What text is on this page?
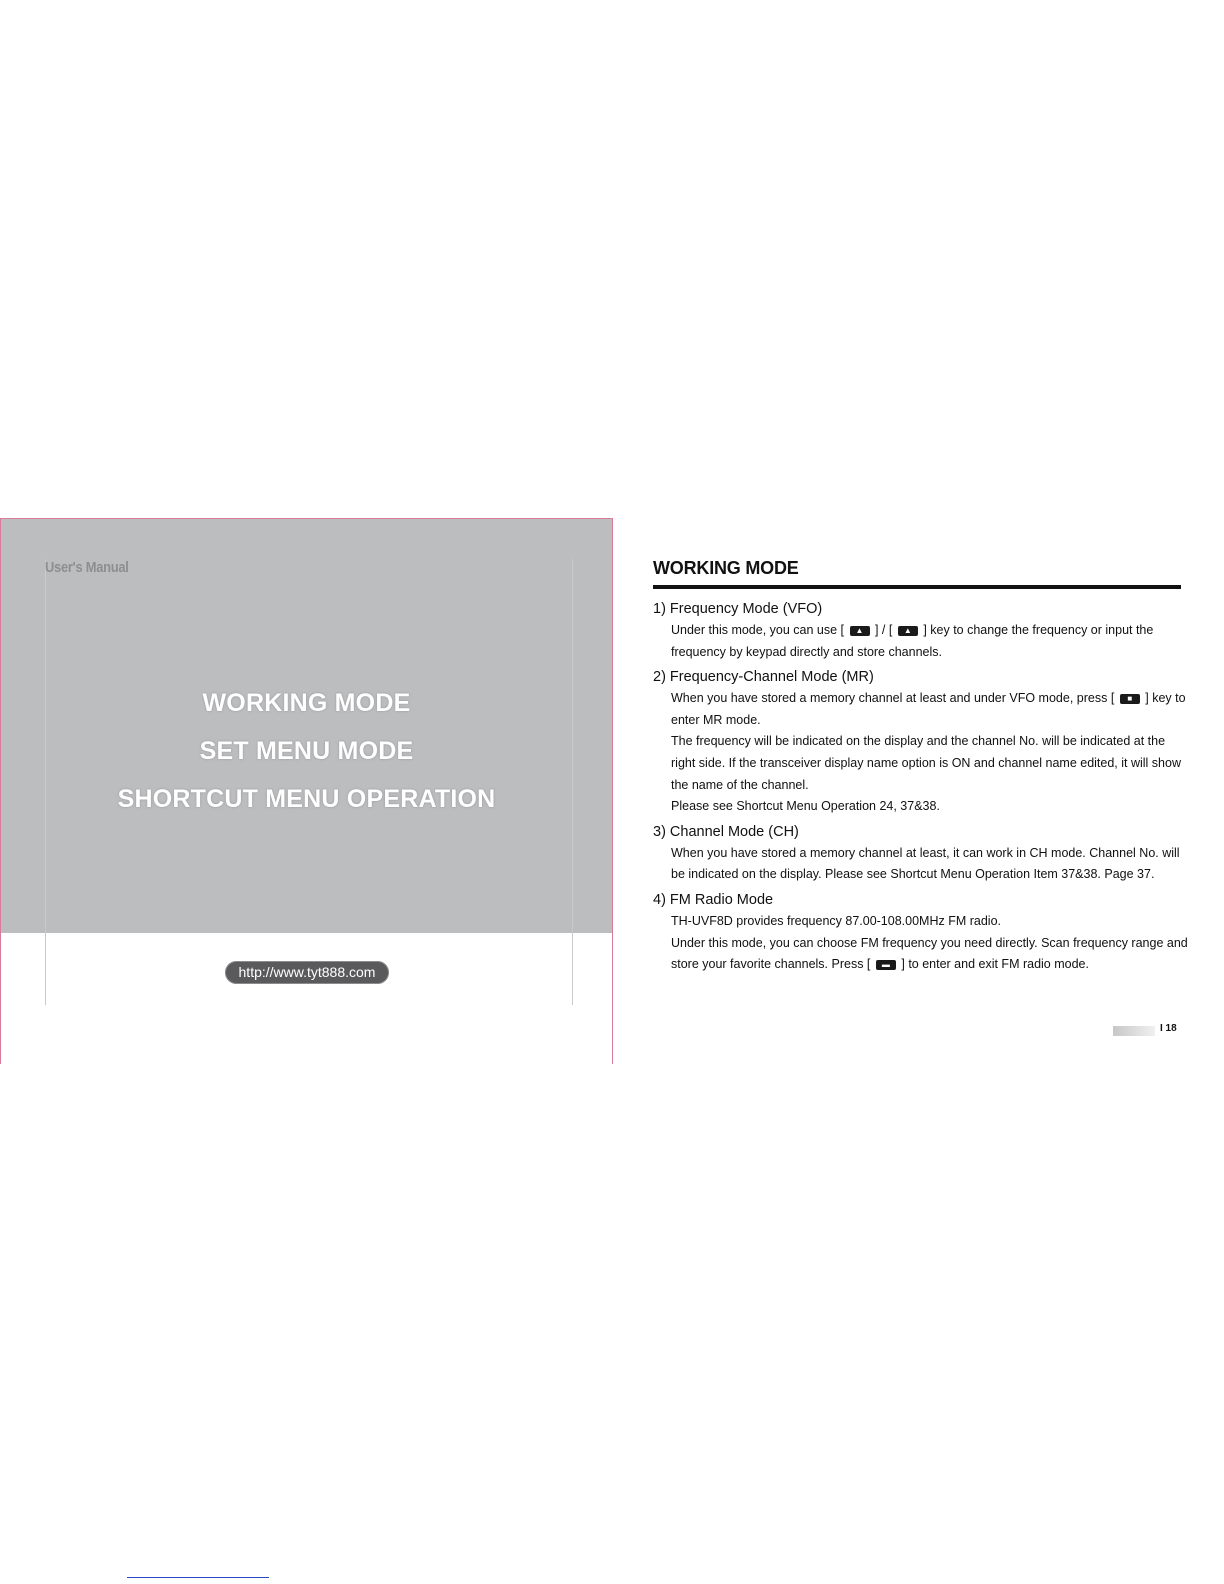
User's Manual
WORKING MODE
SET MENU MODE
SHORTCUT MENU OPERATION
http://www.tyt888.com
WORKING MODE

1) Frequency Mode (VFO)

Under this mode, you can use [	▲ ] / [	▲ ] key to change the frequency or input the frequency by keypad directly and store channels.

2) Frequency-Channel Mode (MR)

When you have stored a memory channel at least and under VFO mode, press [	■	] key to enter MR mode.

The frequency will be indicated on the display and the channel No. will be indicated at the right side. If the transceiver display name option is ON and channel name edited, it will show the name of the channel.

Please see Shortcut Menu Operation 24, 37&38.

3) Channel Mode (CH)

When you have stored a memory channel at least, it can work in CH mode. Channel No. will be indicated on the display. Please see Shortcut Menu Operation Item 37&38. Page 37.

4) FM Radio Mode

TH-UVF8D provides frequency 87.00-108.00MHz FM radio.

Under this mode, you can choose FM frequency you need directly. Scan frequency range and store your favorite channels. Press [	▬ ] to enter and exit FM radio mode.

I 18
